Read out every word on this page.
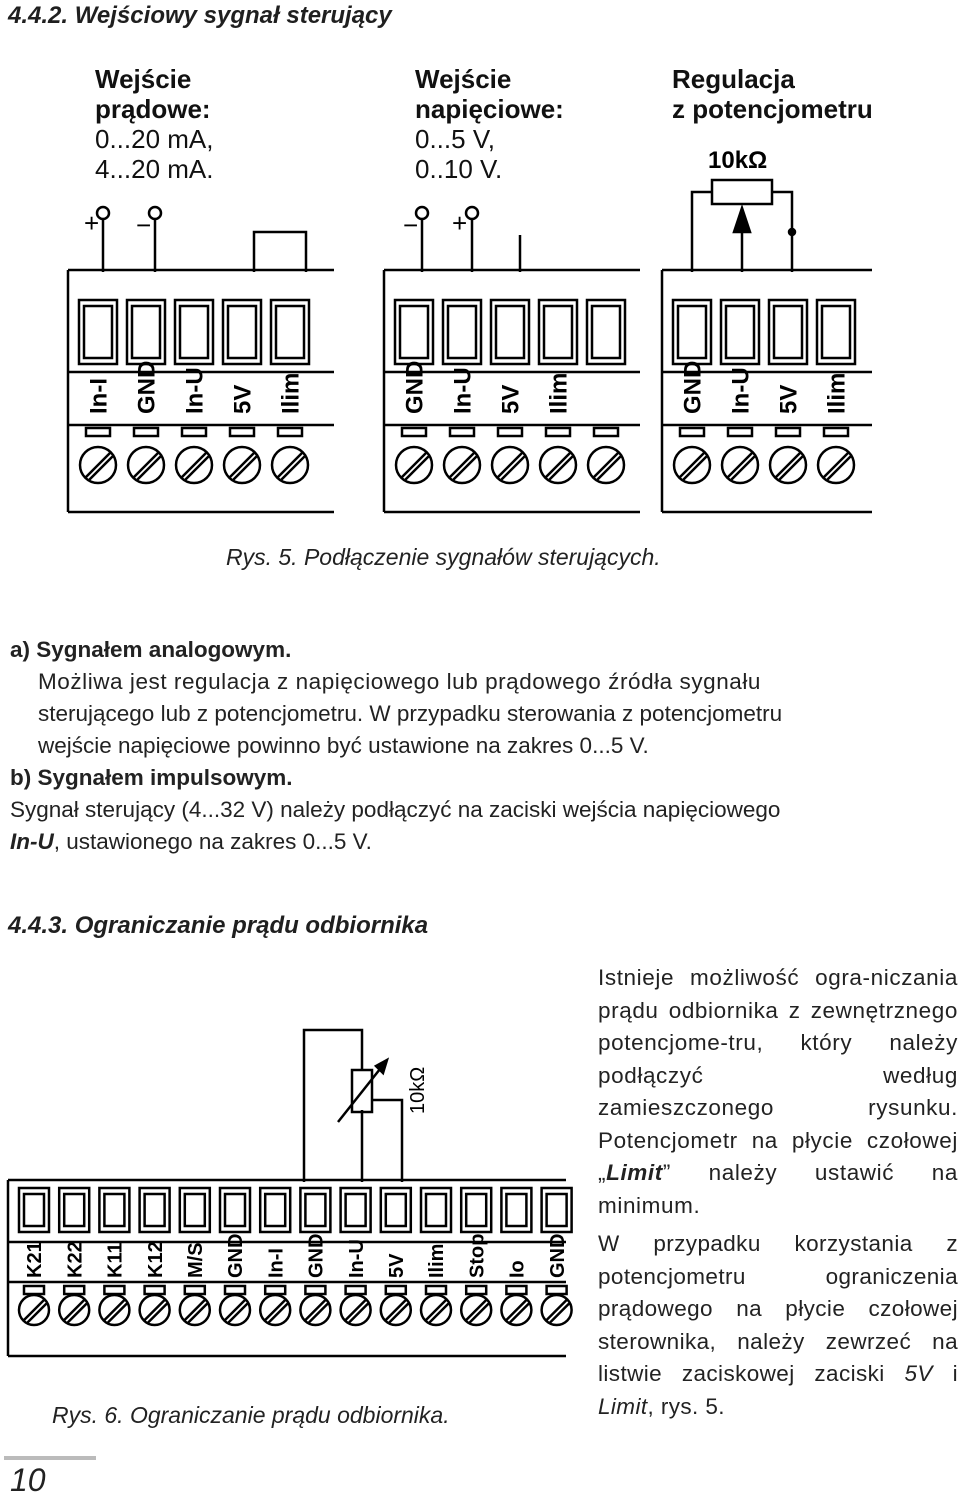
4.4.2. Wejściowy sygnał sterujący
Wejście
prądowe:
0...20 mA,
4...20 mA.
Wejście
napięciowe:
0...5 V,
0..10 V.
Regulacja
z potencjometru
In-I GND In-U 5V Ilim	GND In-U 5V Ilim	GND In-U 5V Ilim
+ −	− +
10kΩ
Rys. 5. Podłączenie sygnałów sterujących.

a) Sygnałem analogowym.

Możliwa jest regulacja z napięciowego lub prądowego źródła sygnału

sterującego lub z potencjometru. W przypadku sterowania z potencjometru

wejście napięciowe powinno być ustawione na zakres 0...5 V.

b) Sygnałem impulsowym.

Sygnał sterujący (4...32 V) należy podłączyć na zaciski wejścia napięciowego

In-U, ustawionego na zakres 0...5 V.

4.4.3. Ograniczanie prądu odbiornika
K21 K22 K11 K12 M/S GND In-I GND In-U 5V Ilim Stop Io GND
10kΩ
Rys. 6. Ograniczanie prądu odbiornika.

Istnieje możliwość ogra-niczania prądu odbiornika z zewnętrznego potencjome-tru, który należy podłączyć według zamieszczonego rysunku. Potencjometr na płycie czołowej „Limit” należy ustawić na minimum.

W przypadku korzystania z potencjometru ograniczenia prądowego na płycie czołowej sterownika, należy zewrzeć na listwie zaciskowej zaciski 5V i Limit, rys. 5.

10
